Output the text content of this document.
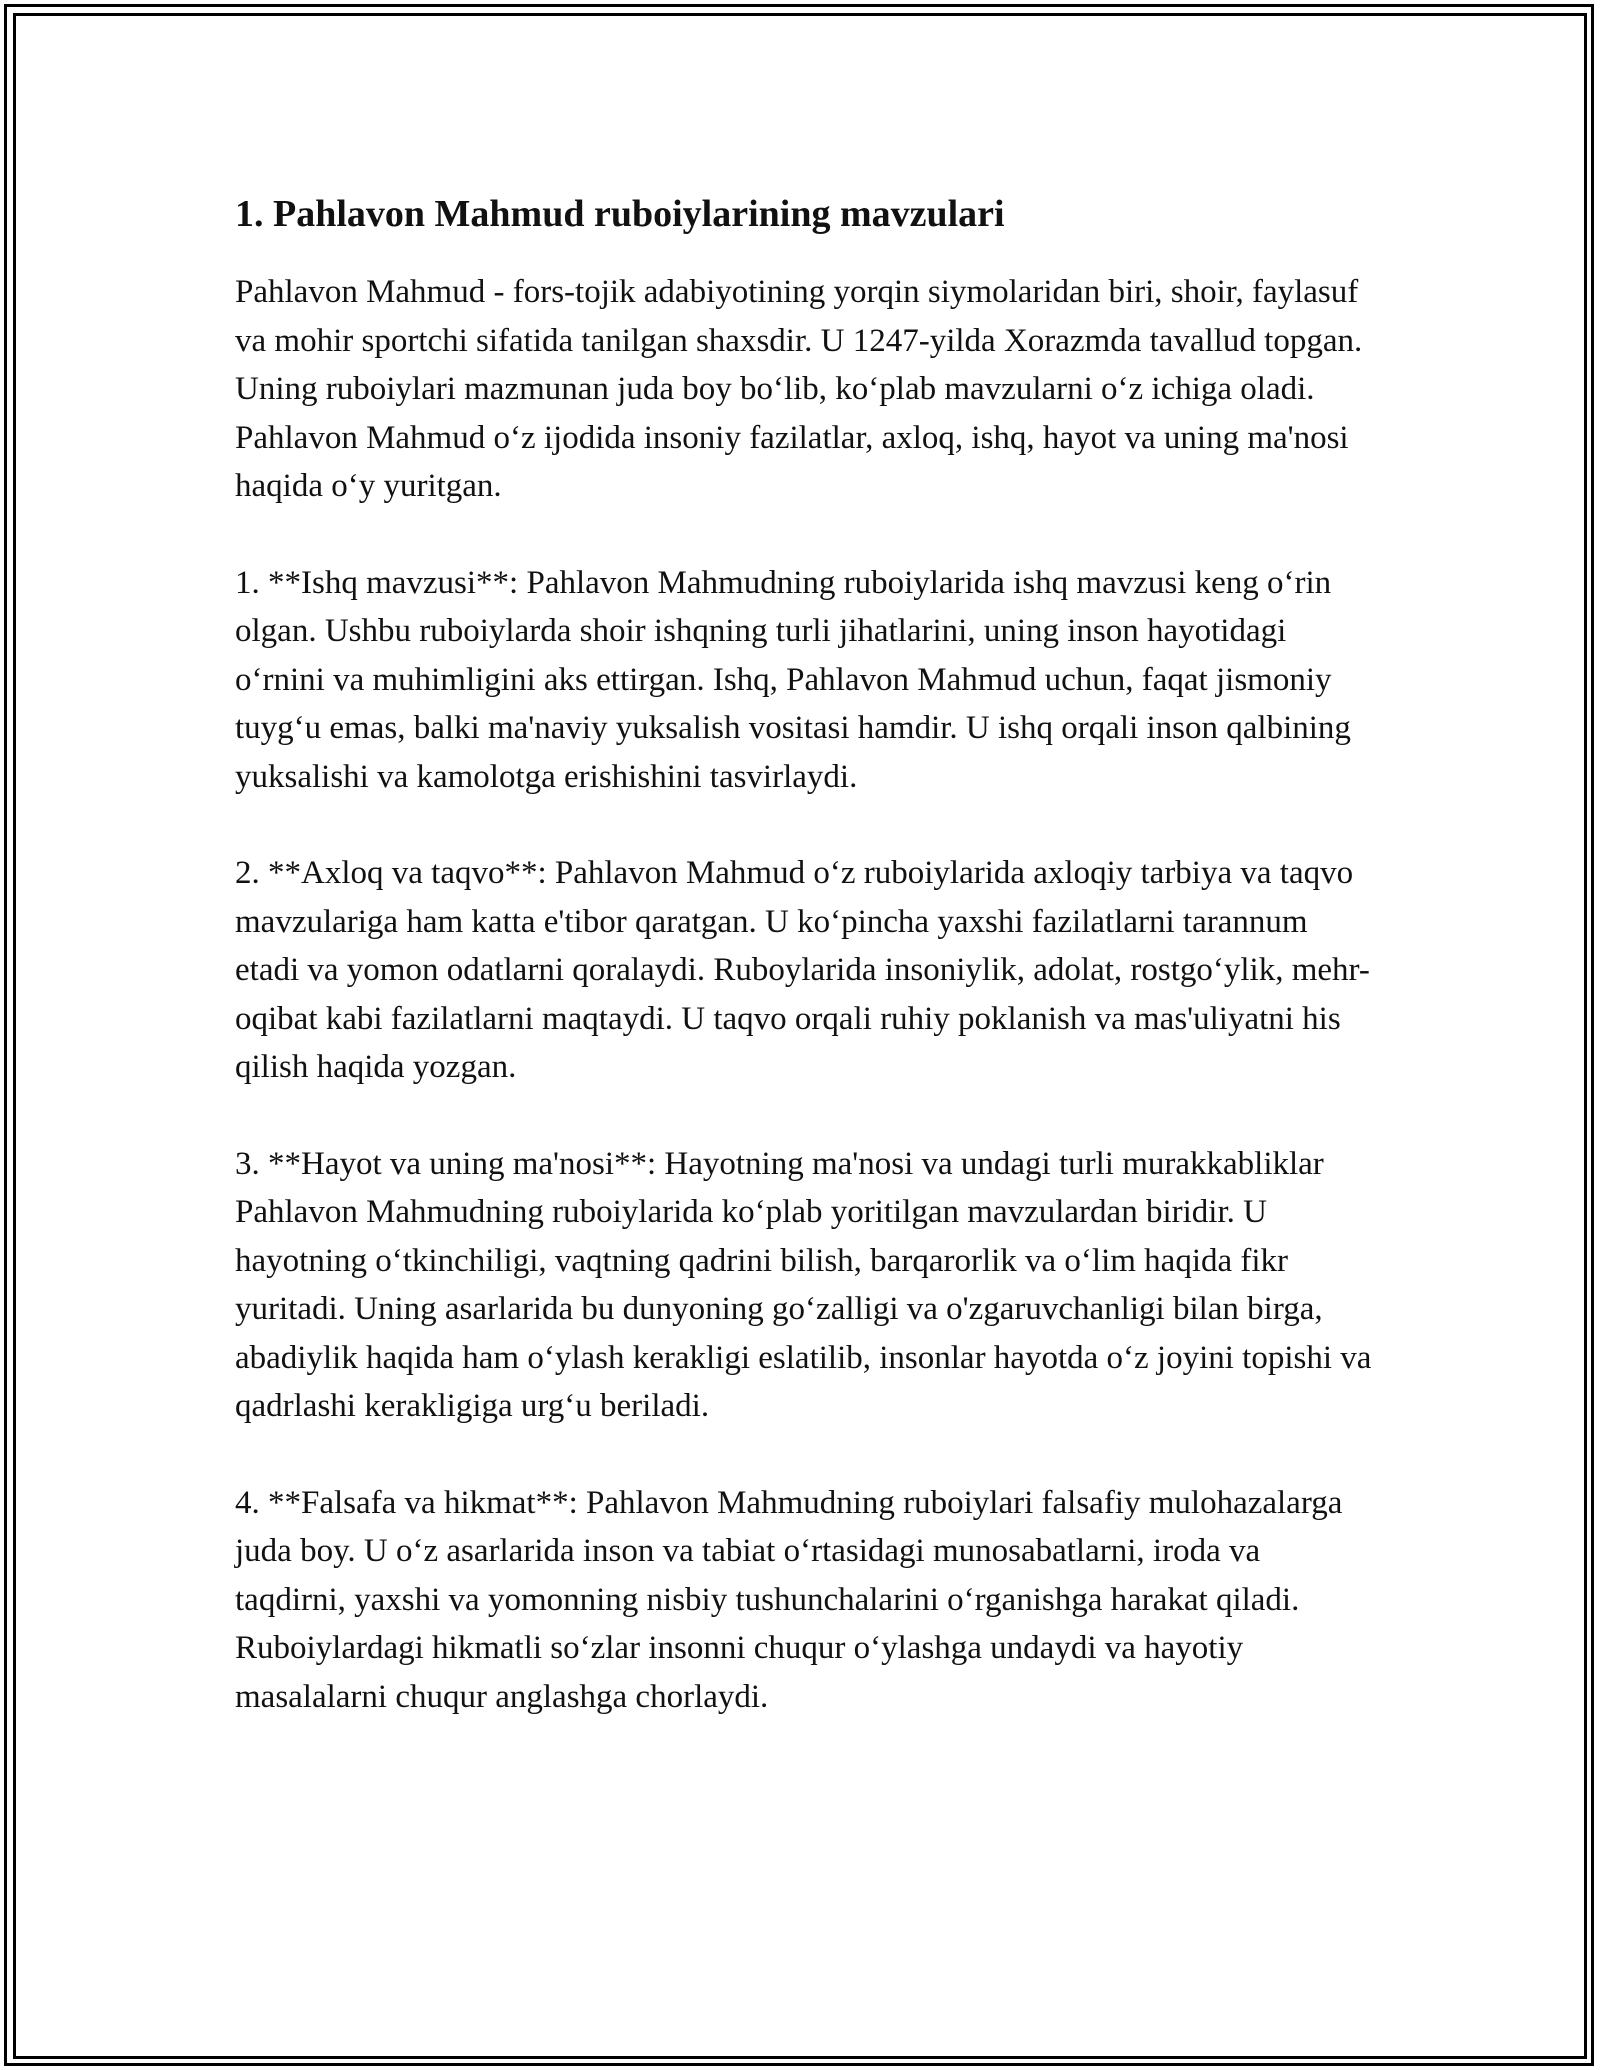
1. Pahlavon Mahmud ruboiylarining mavzulari

Pahlavon Mahmud - fors-tojik adabiyotining yorqin siymolaridan biri, shoir, faylasuf va mohir sportchi sifatida tanilgan shaxsdir. U 1247-yilda Xorazmda tavallud topgan. Uning ruboiylari mazmunan juda boy bo‘lib, ko‘plab mavzularni o‘z ichiga oladi. Pahlavon Mahmud o‘z ijodida insoniy fazilatlar, axloq, ishq, hayot va uning ma'nosi haqida o‘y yuritgan.

1. **Ishq mavzusi**: Pahlavon Mahmudning ruboiylarida ishq mavzusi keng o‘rin olgan. Ushbu ruboiylarda shoir ishqning turli jihatlarini, uning inson hayotidagi o‘rnini va muhimligini aks ettirgan. Ishq, Pahlavon Mahmud uchun, faqat jismoniy tuyg‘u emas, balki ma'naviy yuksalish vositasi hamdir. U ishq orqali inson qalbining yuksalishi va kamolotga erishishini tasvirlaydi.

2. **Axloq va taqvo**: Pahlavon Mahmud o‘z ruboiylarida axloqiy tarbiya va taqvo mavzulariga ham katta e'tibor qaratgan. U ko‘pincha yaxshi fazilatlarni tarannum etadi va yomon odatlarni qoralaydi. Ruboylarida insoniylik, adolat, rostgo‘ylik, mehr-oqibat kabi fazilatlarni maqtaydi. U taqvo orqali ruhiy poklanish va mas'uliyatni his qilish haqida yozgan.

3. **Hayot va uning ma'nosi**: Hayotning ma'nosi va undagi turli murakkabliklar Pahlavon Mahmudning ruboiylarida ko‘plab yoritilgan mavzulardan biridir. U hayotning o‘tkinchiligi, vaqtning qadrini bilish, barqarorlik va o‘lim haqida fikr yuritadi. Uning asarlarida bu dunyoning go‘zalligi va o'zgaruvchanligi bilan birga, abadiylik haqida ham o‘ylash kerakligi eslatilib, insonlar hayotda o‘z joyini topishi va qadrlashi kerakligiga urg‘u beriladi.

4. **Falsafa va hikmat**: Pahlavon Mahmudning ruboiylari falsafiy mulohazalarga juda boy. U o‘z asarlarida inson va tabiat o‘rtasidagi munosabatlarni, iroda va taqdirni, yaxshi va yomonning nisbiy tushunchalarini o‘rganishga harakat qiladi. Ruboiylardagi hikmatli so‘zlar insonni chuqur o‘ylashga undaydi va hayotiy masalalarni chuqur anglashga chorlaydi.
